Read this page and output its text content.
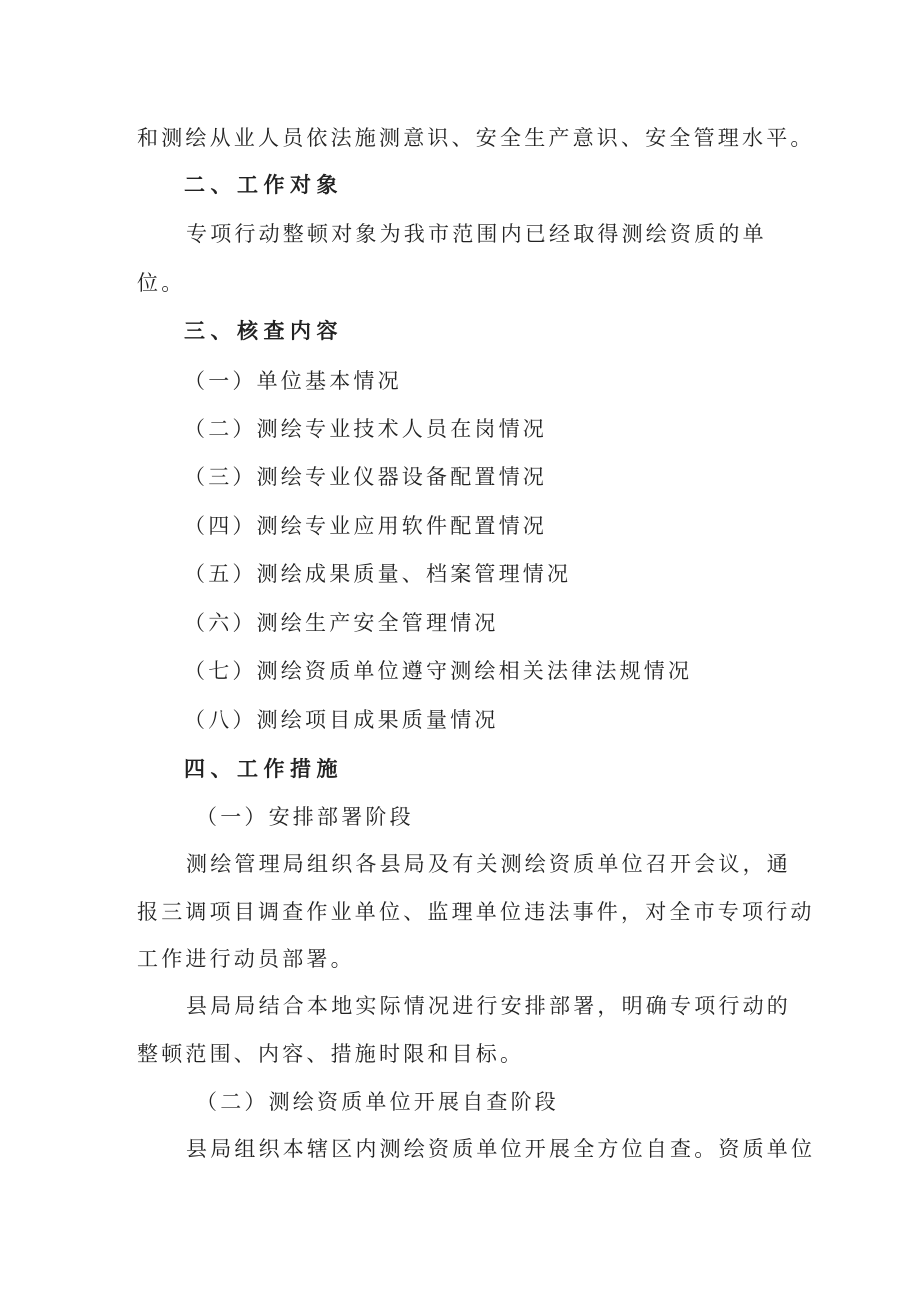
和测绘从业人员依法施测意识、安全生产意识、安全管理水平。
二、工作对象
专项行动整顿对象为我市范围内已经取得测绘资质的单
位。
三、核查内容
（一）单位基本情况
（二）测绘专业技术人员在岗情况
（三）测绘专业仪器设备配置情况
（四）测绘专业应用软件配置情况
（五）测绘成果质量、档案管理情况
（六）测绘生产安全管理情况
（七）测绘资质单位遵守测绘相关法律法规情况
（八）测绘项目成果质量情况
四、工作措施
（一）安排部署阶段
测绘管理局组织各县局及有关测绘资质单位召开会议，通
报三调项目调查作业单位、监理单位违法事件，对全市专项行动
工作进行动员部署。
县局局结合本地实际情况进行安排部署，明确专项行动的
整顿范围、内容、措施时限和目标。
（二）测绘资质单位开展自查阶段
县局组织本辖区内测绘资质单位开展全方位自查。资质单位
